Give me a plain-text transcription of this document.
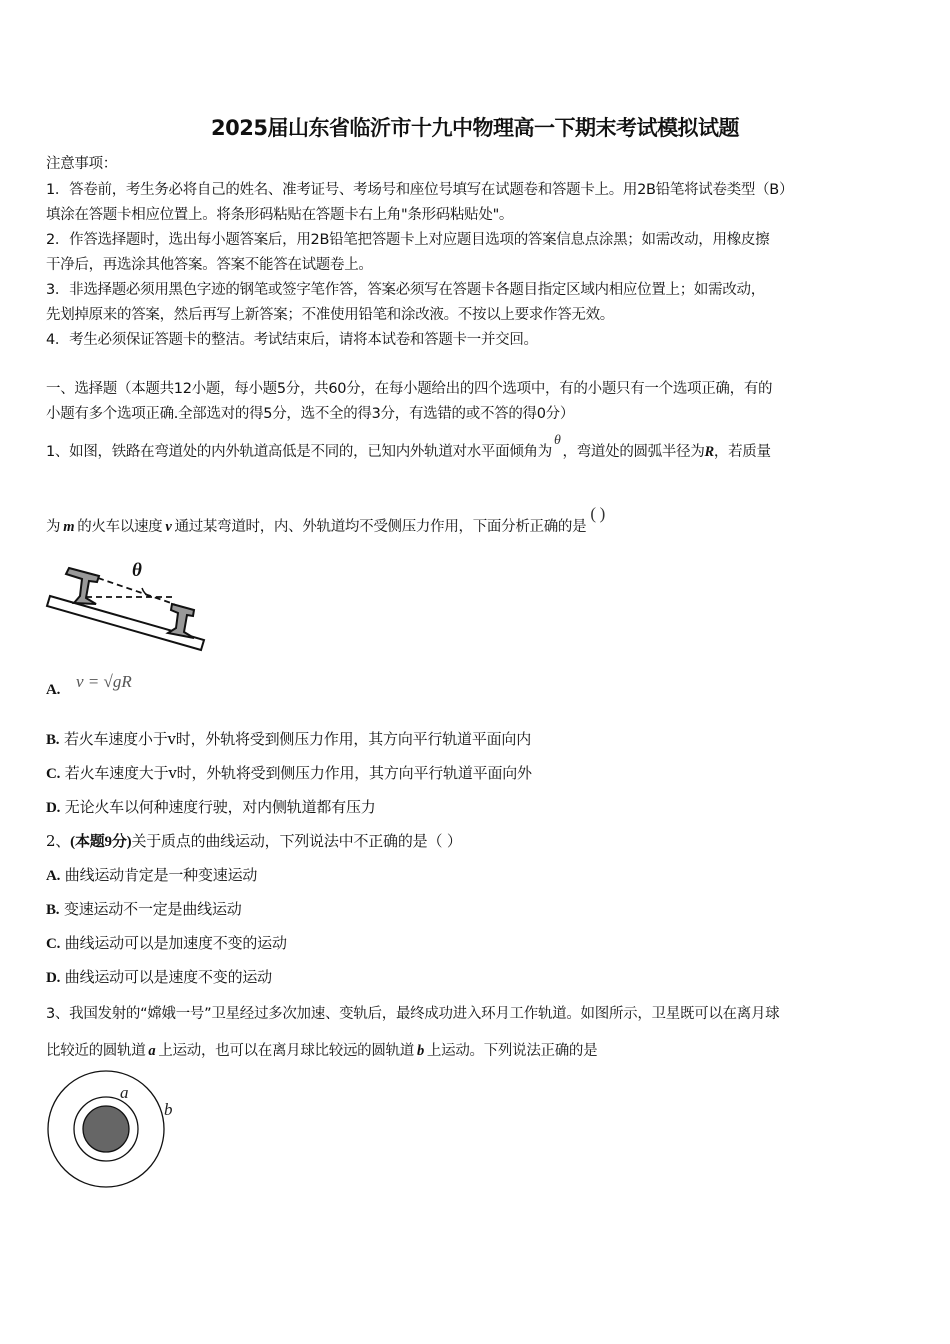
2025届山东省临沂市十九中物理高一下期末考试模拟试题
注意事项：
1．答卷前，考生务必将自己的姓名、准考证号、考场号和座位号填写在试题卷和答题卡上。用2B铅笔将试卷类型（B）
填涂在答题卡相应位置上。将条形码粘贴在答题卡右上角"条形码粘贴处"。
2．作答选择题时，选出每小题答案后，用2B铅笔把答题卡上对应题目选项的答案信息点涂黑；如需改动，用橡皮擦
干净后，再选涂其他答案。答案不能答在试题卷上。
3．非选择题必须用黑色字迹的钢笔或签字笔作答，答案必须写在答题卡各题目指定区域内相应位置上；如需改动，
先划掉原来的答案，然后再写上新答案；不准使用铅笔和涂改液。不按以上要求作答无效。
4．考生必须保证答题卡的整洁。考试结束后，请将本试卷和答题卡一并交回。
一、选择题（本题共12小题，每小题5分，共60分，在每小题给出的四个选项中，有的小题只有一个选项正确，有的
小题有多个选项正确.全部选对的得5分，选不全的得3分，有选错的或不答的得0分）
1、如图，铁路在弯道处的内外轨道高低是不同的，已知内外轨道对水平面倾角为θ，弯道处的圆弧半径为R，若质量
为 m 的火车以速度 v 通过某弯道时，内、外轨道均不受侧压力作用，下面分析正确的是( )
θ
A. v = √gR
B. 若火车速度小于v时，外轨将受到侧压力作用，其方向平行轨道平面向内
C. 若火车速度大于v时，外轨将受到侧压力作用，其方向平行轨道平面向外
D. 无论火车以何种速度行驶，对内侧轨道都有压力
2、(本题9分)关于质点的曲线运动，下列说法中不正确的是（ ）
A. 曲线运动肯定是一种变速运动
B. 变速运动不一定是曲线运动
C. 曲线运动可以是加速度不变的运动
D. 曲线运动可以是速度不变的运动
3、我国发射的“嫦娥一号”卫星经过多次加速、变轨后，最终成功进入环月工作轨道。如图所示，卫星既可以在离月球
比较近的圆轨道 a 上运动，也可以在离月球比较远的圆轨道 b 上运动。下列说法正确的是
a
b
